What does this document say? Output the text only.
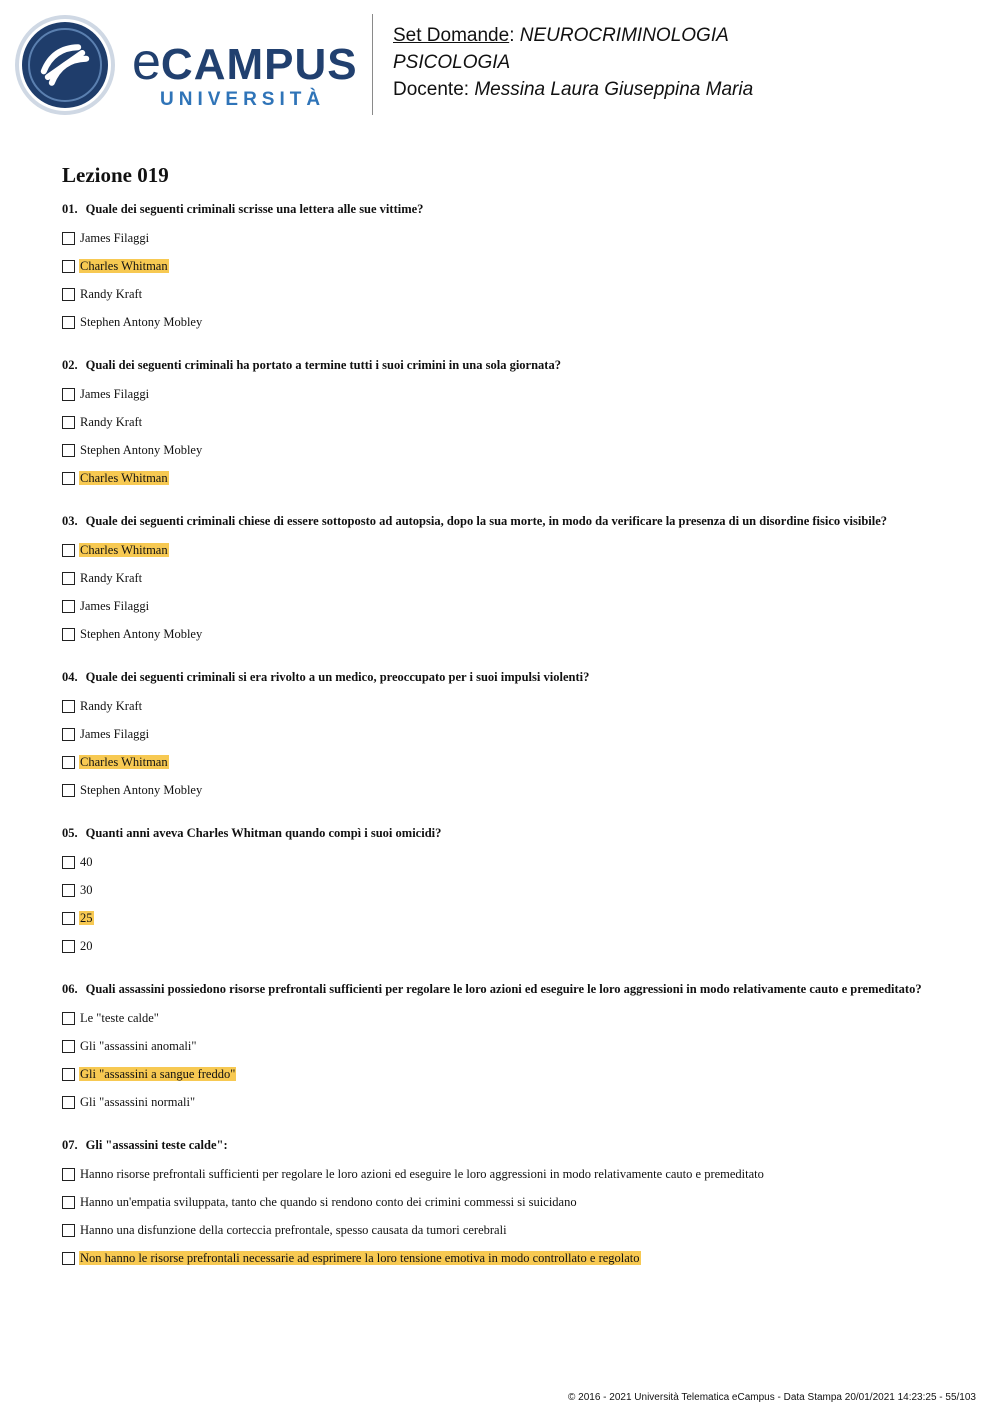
eCAMPUS
UNIVERSITÀ
Set Domande: NEUROCRIMINOLOGIA
PSICOLOGIA
Docente: Messina Laura Giuseppina Maria
Lezione 019
01. Quale dei seguenti criminali scrisse una lettera alle sue vittime?
James Filaggi
Charles Whitman
Randy Kraft
Stephen Antony Mobley
02. Quali dei seguenti criminali ha portato a termine tutti i suoi crimini in una sola giornata?
James Filaggi
Randy Kraft
Stephen Antony Mobley
Charles Whitman
03. Quale dei seguenti criminali chiese di essere sottoposto ad autopsia, dopo la sua morte, in modo da verificare la presenza di un disordine fisico visibile?
Charles Whitman
Randy Kraft
James Filaggi
Stephen Antony Mobley
04. Quale dei seguenti criminali si era rivolto a un medico, preoccupato per i suoi impulsi violenti?
Randy Kraft
James Filaggi
Charles Whitman
Stephen Antony Mobley
05. Quanti anni aveva Charles Whitman quando compì i suoi omicidi?
40
30
25
20
06. Quali assassini possiedono risorse prefrontali sufficienti per regolare le loro azioni ed eseguire le loro aggressioni in modo relativamente cauto e premeditato?
Le "teste calde"
Gli "assassini anomali"
Gli "assassini a sangue freddo"
Gli "assassini normali"
07. Gli "assassini teste calde":
Hanno risorse prefrontali sufficienti per regolare le loro azioni ed eseguire le loro aggressioni in modo relativamente cauto e premeditato
Hanno un'empatia sviluppata, tanto che quando si rendono conto dei crimini commessi si suicidano
Hanno una disfunzione della corteccia prefrontale, spesso causata da tumori cerebrali
Non hanno le risorse prefrontali necessarie ad esprimere la loro tensione emotiva in modo controllato e regolato
© 2016 - 2021 Università Telematica eCampus - Data Stampa 20/01/2021 14:23:25 - 55/103
